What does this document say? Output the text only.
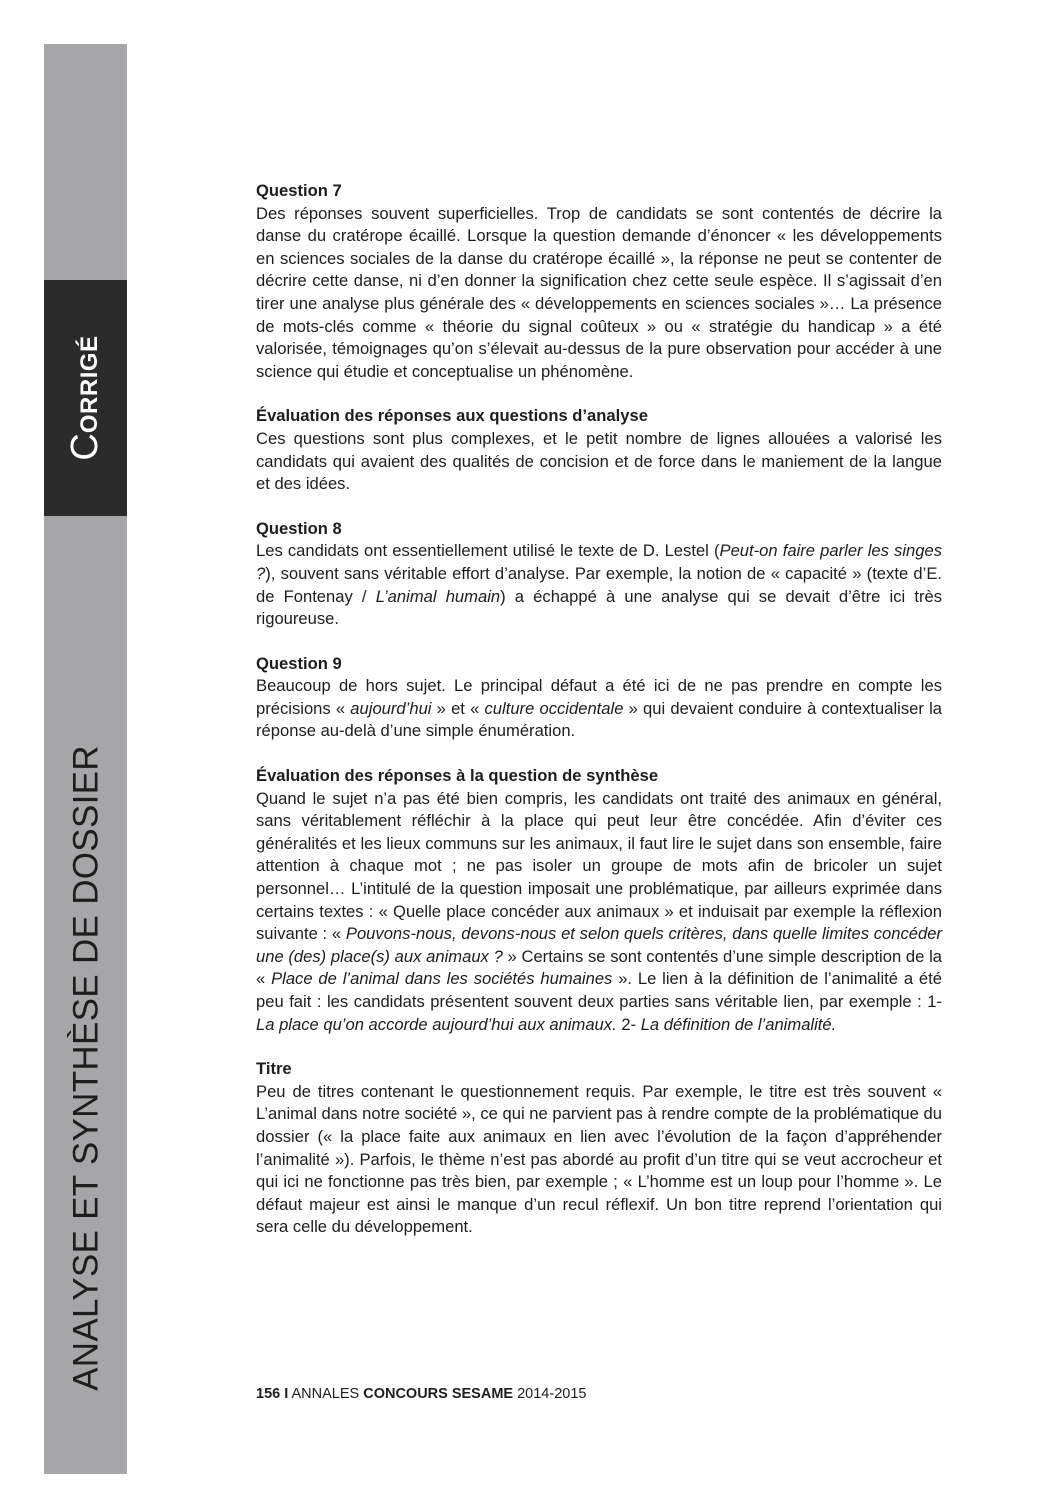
Corrigé
ANALYSE ET SYNTHÈSE DE DOSSIER
Question 7

Des réponses souvent superficielles. Trop de candidats se sont contentés de décrire la danse du cratérope écaillé. Lorsque la question demande d’énoncer « les développements en sciences sociales de la danse du cratérope écaillé », la réponse ne peut se contenter de décrire cette danse, ni d’en donner la signification chez cette seule espèce. Il s’agissait d’en tirer une analyse plus générale des « développements en sciences sociales »… La présence de mots-clés comme « théorie du signal coûteux » ou « stratégie du handicap » a été valorisée, témoignages qu’on s’élevait au-dessus de la pure observation pour accéder à une science qui étudie et conceptualise un phénomène.

Évaluation des réponses aux questions d’analyse

Ces questions sont plus complexes, et le petit nombre de lignes allouées a valorisé les candidats qui avaient des qualités de concision et de force dans le maniement de la langue et des idées.

Question 8

Les candidats ont essentiellement utilisé le texte de D. Lestel (Peut-on faire parler les singes ?), souvent sans véritable effort d’analyse. Par exemple, la notion de « capacité » (texte d’E. de Fontenay / L’animal humain) a échappé à une analyse qui se devait d’être ici très rigoureuse.

Question 9

Beaucoup de hors sujet. Le principal défaut a été ici de ne pas prendre en compte les précisions « aujourd’hui » et « culture occidentale » qui devaient conduire à contextualiser la réponse au-delà d’une simple énumération.

Évaluation des réponses à la question de synthèse

Quand le sujet n’a pas été bien compris, les candidats ont traité des animaux en général, sans véritablement réfléchir à la place qui peut leur être concédée. Afin d’éviter ces généralités et les lieux communs sur les animaux, il faut lire le sujet dans son ensemble, faire attention à chaque mot ; ne pas isoler un groupe de mots afin de bricoler un sujet personnel… L’intitulé de la question imposait une problématique, par ailleurs exprimée dans certains textes : « Quelle place concéder aux animaux » et induisait par exemple la réflexion suivante : « Pouvons-nous, devons-nous et selon quels critères, dans quelle limites concéder une (des) place(s) aux animaux ? » Certains se sont contentés d’une simple description de la « Place de l’animal dans les sociétés humaines ». Le lien à la définition de l’animalité a été peu fait : les candidats présentent souvent deux parties sans véritable lien, par exemple : 1- La place qu’on accorde aujourd’hui aux animaux. 2- La définition de l’animalité.

Titre

Peu de titres contenant le questionnement requis. Par exemple, le titre est très souvent « L’animal dans notre société », ce qui ne parvient pas à rendre compte de la problématique du dossier (« la place faite aux animaux en lien avec l’évolution de la façon d’appréhender l’animalité »). Parfois, le thème n’est pas abordé au profit d’un titre qui se veut accrocheur et qui ici ne fonctionne pas très bien, par exemple ; « L’homme est un loup pour l’homme ». Le défaut majeur est ainsi le manque d’un recul réflexif. Un bon titre reprend l’orientation qui sera celle du développement.

156 I ANNALES CONCOURS SESAME 2014-2015
